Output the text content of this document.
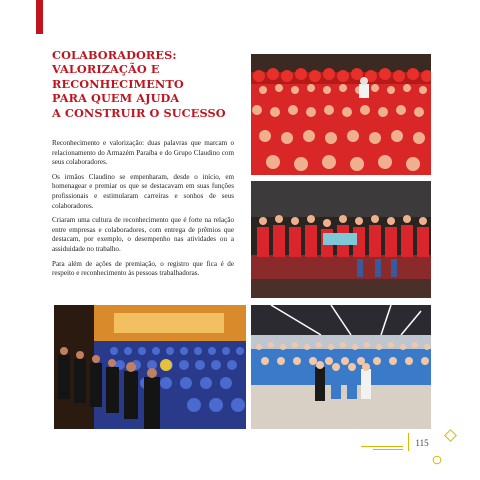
COLABORADORES:
VALORIZAÇÃO E
RECONHECIMENTO
PARA QUEM AJUDA
A CONSTRUIR O SUCESSO

Reconhecimento e valorização: duas palavras que marcam o relacionamento do Armazém Paraíba e do Grupo Claudino com seus colaboradores.

Os irmãos Claudino se empenharam, desde o início, em homenagear e premiar os que se destacavam em suas funções profissionais e estimularam carreiras e sonhos de seus colaboradores.

Criaram uma cultura de reconhecimento que é forte na relação entre empresas e colaboradores, com entrega de prêmios que destacam, por exemplo, o desempenho nas atividades ou a assiduidade no trabalho.

Para além de ações de premiação, o registro que fica é de respeito e reconhecimento às pessoas trabalhadoras.

115
